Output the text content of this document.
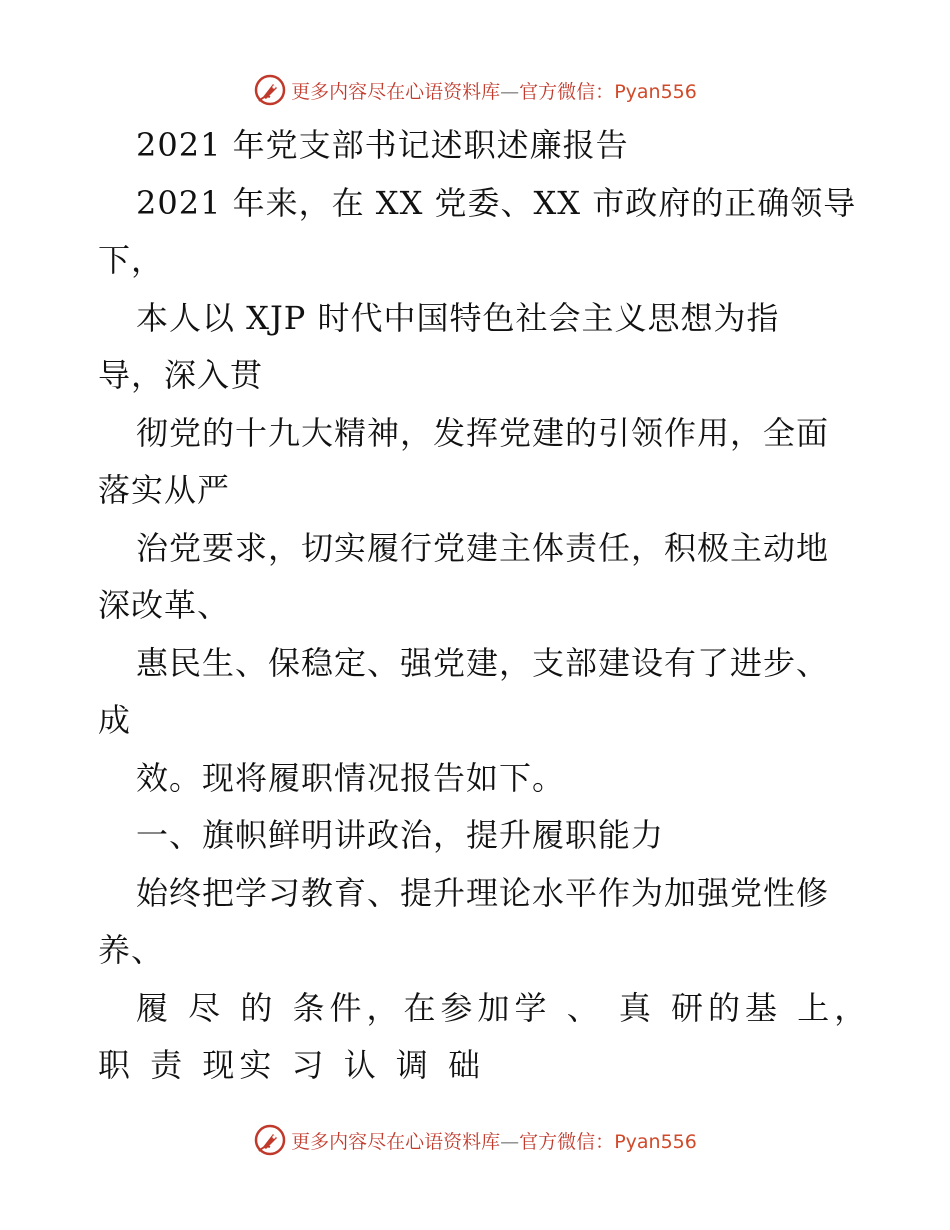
更多内容尽在心语资料库—官方微信：Pyan556
2021 年党支部书记述职述廉报告
2021 年来，在 XX 党委、XX 市政府的正确领导
下，
本人以 XJP 时代中国特色社会主义思想为指
导，深入贯
彻党的十九大精神，发挥党建的引领作用，全面
落实从严
治党要求，切实履行党建主体责任，积极主动地
深改革、
惠民生、保稳定、强党建，支部建设有了进步、
成
效。现将履职情况报告如下。
一、旗帜鲜明讲政治，提升履职能力
始终把学习教育、提升理论水平作为加强党性修
养、
履 尽 的 条件，在参加学 、 真 研的基 上，
职 责 现实 习 认 调 础
更多内容尽在心语资料库—官方微信：Pyan556
